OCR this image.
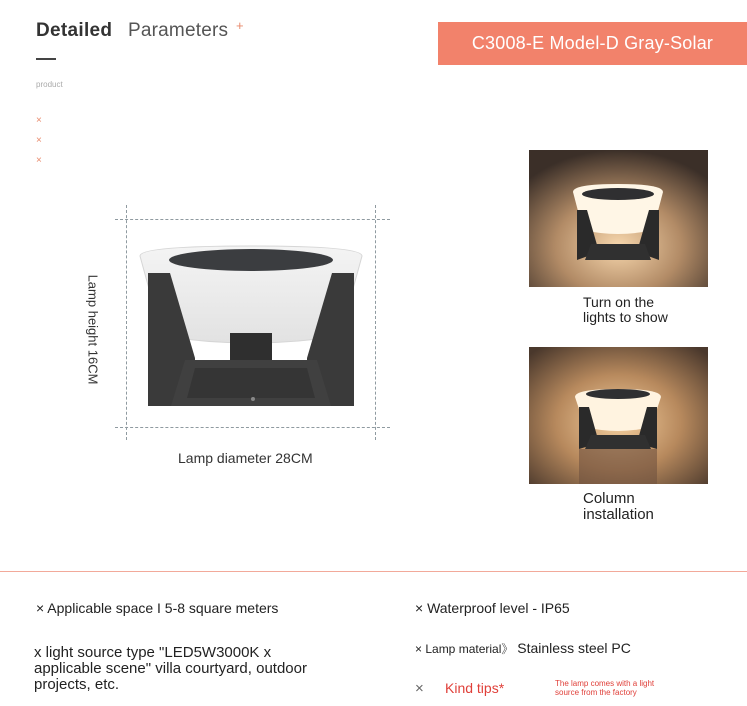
Detailed Parameters +
product
×
×
×
C3008-E Model-D Gray-Solar
Lamp height 16CM
Lamp diameter 28CM
Turn on the
lights to show
Column
installation
× Applicable space I 5-8 square meters	× Waterproof level - IP65
x light source type "LED5W3000K x
applicable scene" villa courtyard, outdoor
projects, etc.
× Lamp material》 Stainless steel PC
× Kind tips*	The lamp comes with a light
source from the factory
